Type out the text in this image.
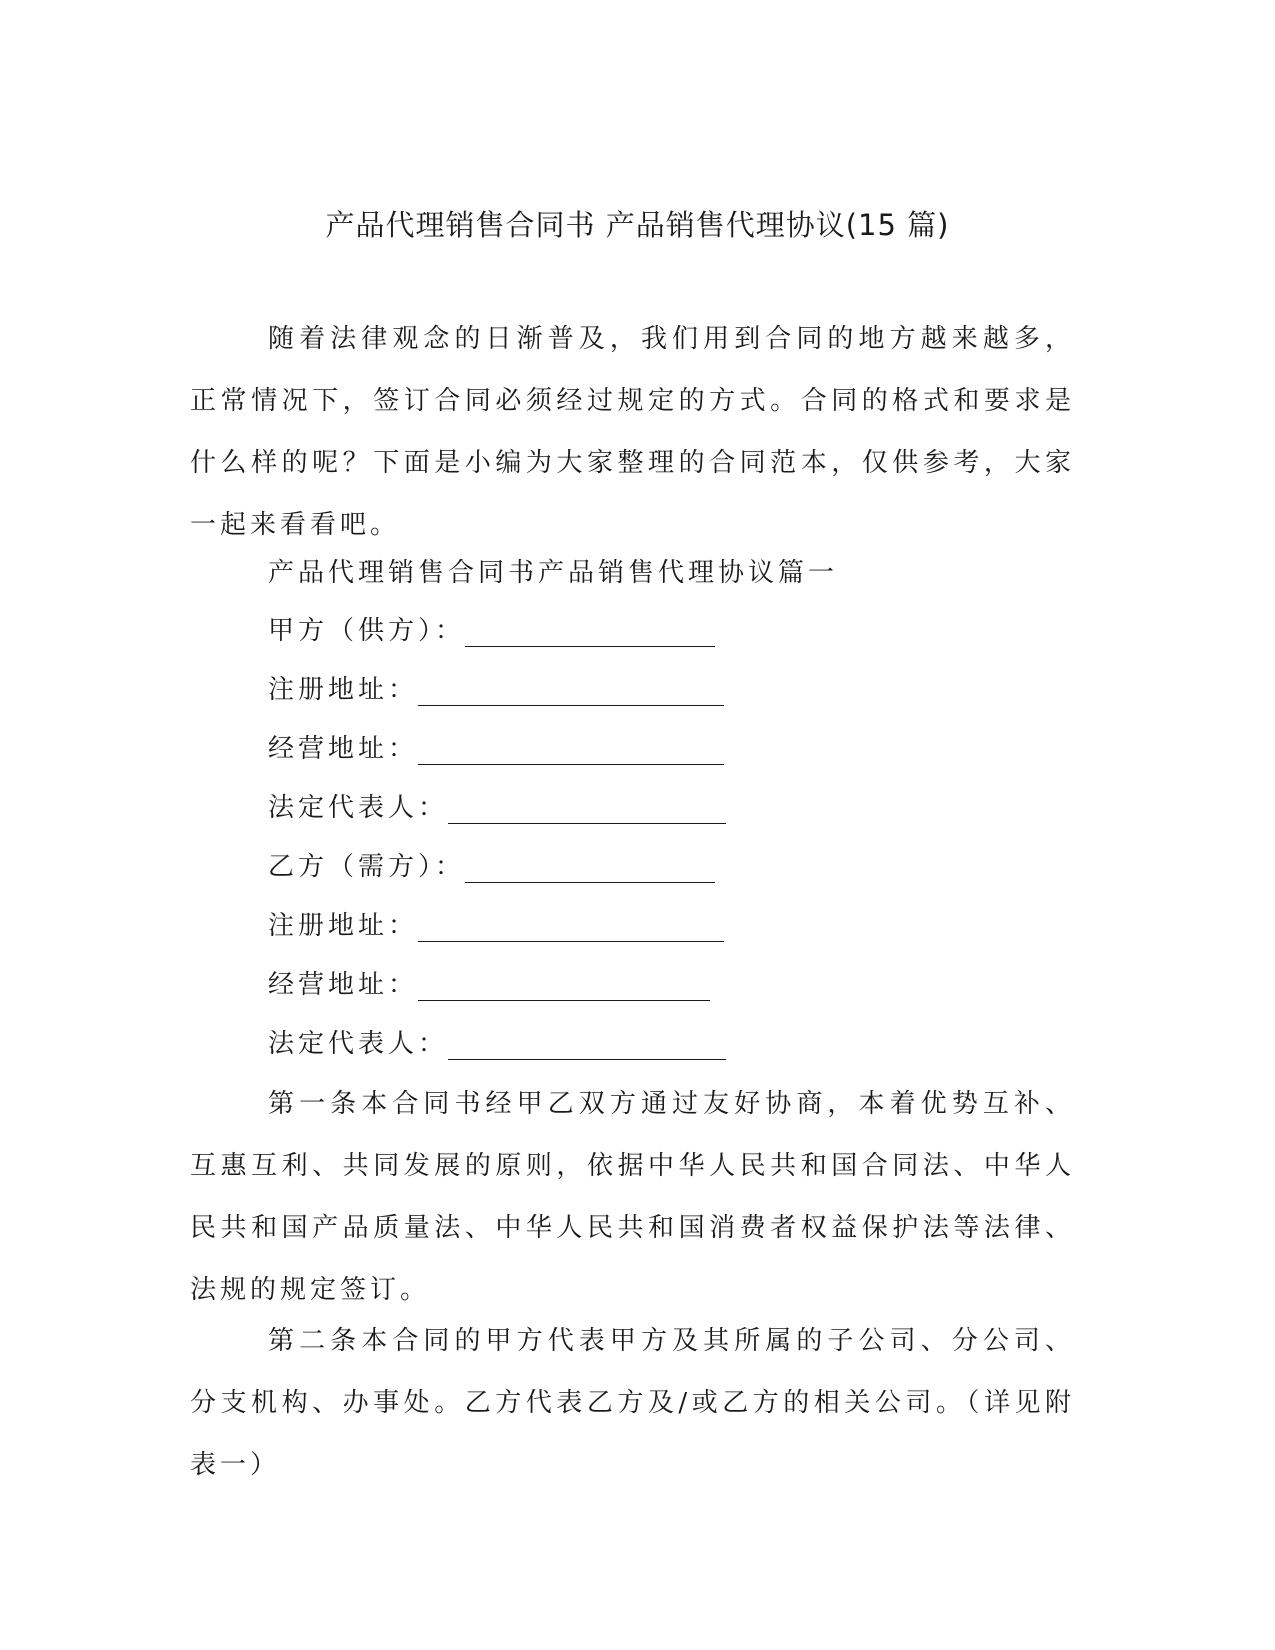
产品代理销售合同书 产品销售代理协议(15 篇)

随着法律观念的日渐普及，我们用到合同的地方越来越多，正常情况下，签订合同必须经过规定的方式。合同的格式和要求是什么样的呢？下面是小编为大家整理的合同范本，仅供参考，大家一起来看看吧。

产品代理销售合同书产品销售代理协议篇一
甲方（供方）：
注册地址：
经营地址：
法定代表人：
乙方（需方）：
注册地址：
经营地址：
法定代表人：

第一条本合同书经甲乙双方通过友好协商，本着优势互补、互惠互利、共同发展的原则，依据中华人民共和国合同法、中华人民共和国产品质量法、中华人民共和国消费者权益保护法等法律、法规的规定签订。

第二条本合同的甲方代表甲方及其所属的子公司、分公司、分支机构、办事处。乙方代表乙方及/或乙方的相关公司。（详见附表一）
